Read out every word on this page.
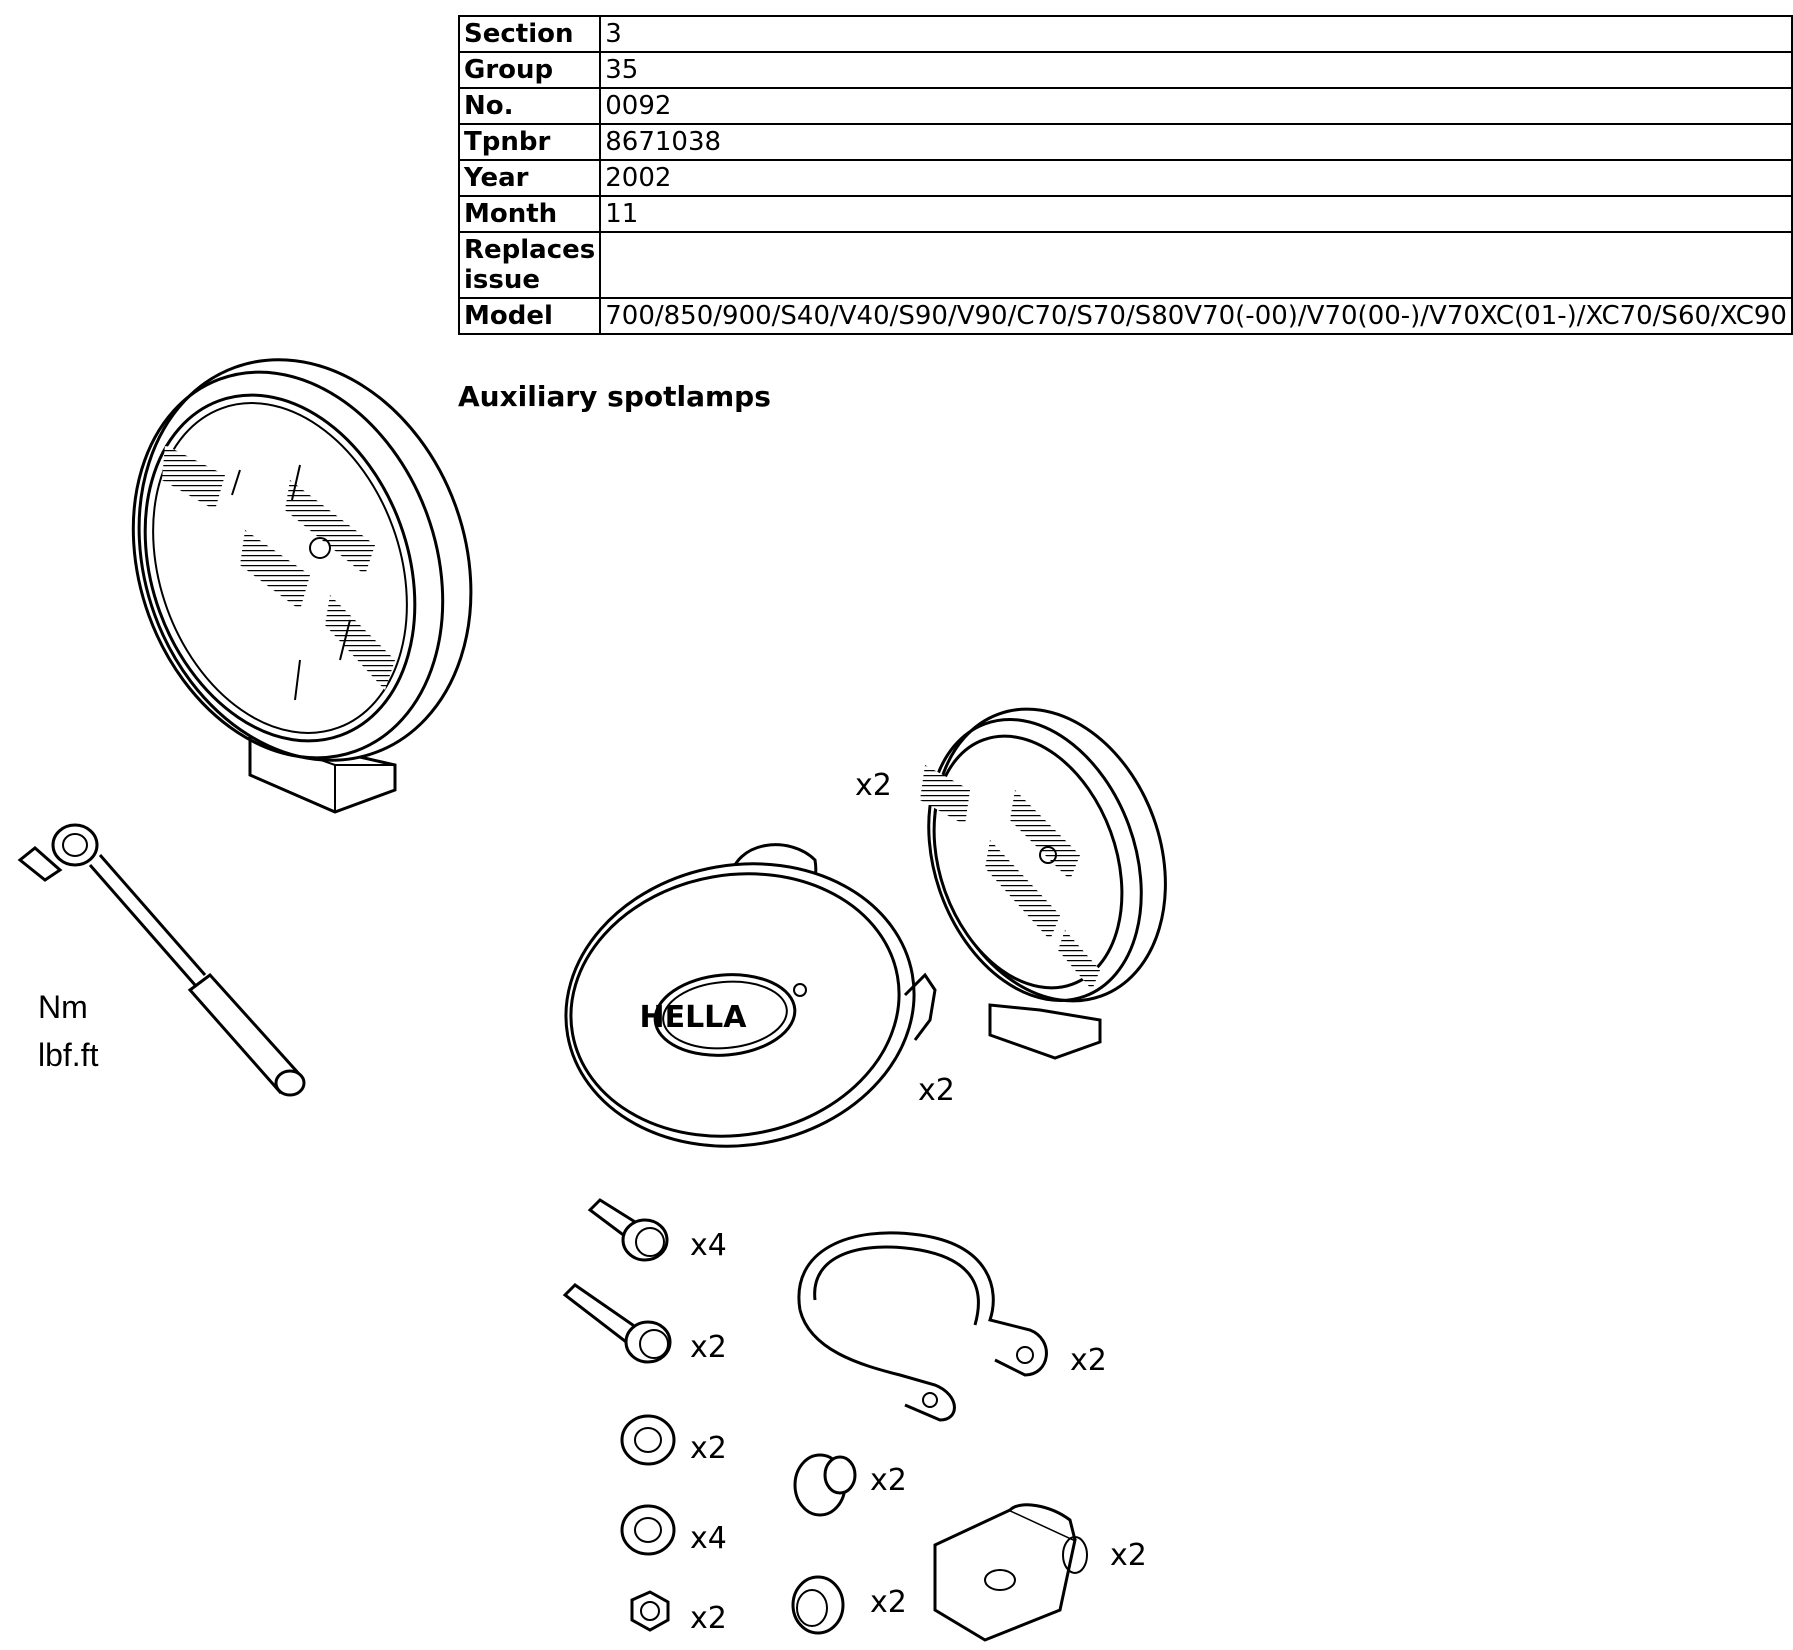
Section	3
Group	35
No.	0092
Tpnbr	8671038
Year	2002
Month	11
Replaces issue	
Model	700/850/900/S40/V40/S90/V90/C70/S70/S80V70(-00)/V70(00-)/V70XC(01-)/XC70/S60/XC90
Auxiliary spotlamps
Nm
lbf.ft
x2
HELLA
x2
x4
x2
x2
x4
x2
x2
x2
x2
x2
